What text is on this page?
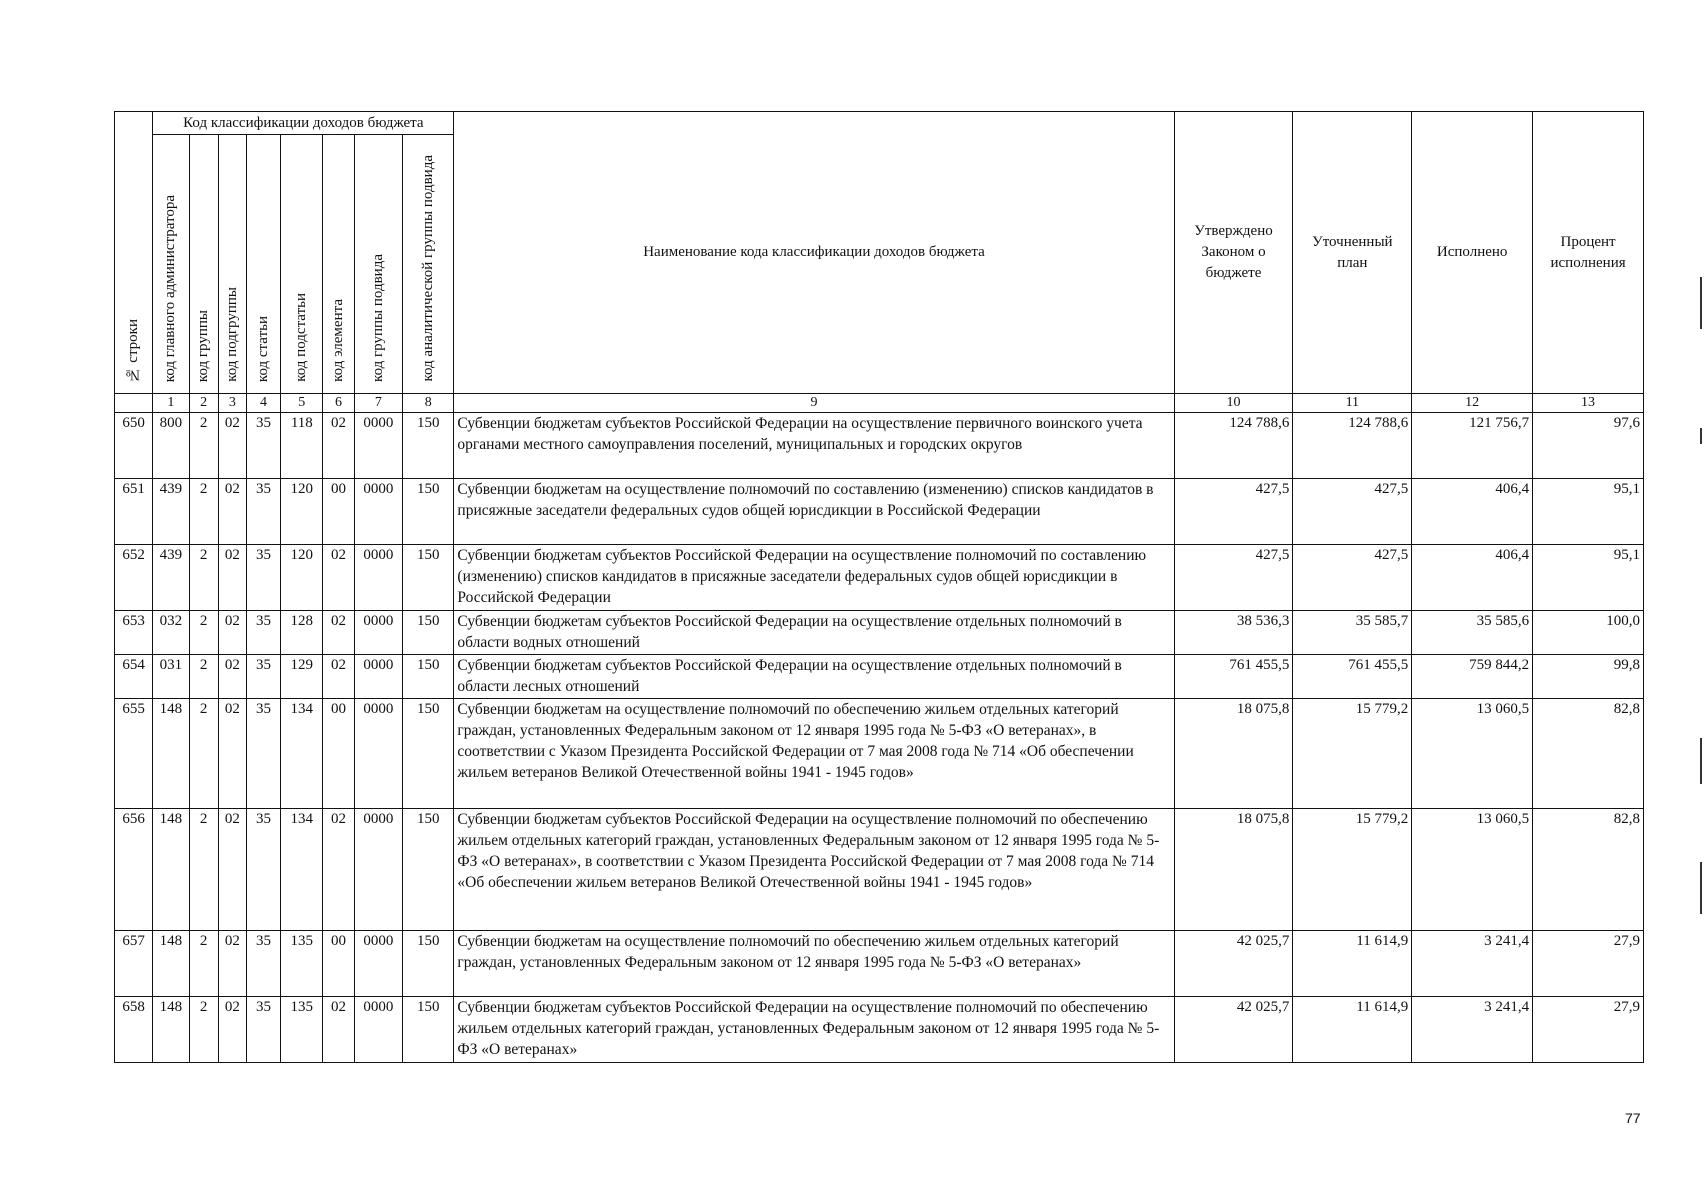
№ строки	Код классификации доходов бюджета								Наименование кода классификации доходов бюджета	Утверждено Законом о бюджете	Уточненный план	Исполнено	Процент исполнения
	код главного администратора	код группы	код подгруппы	код статьи	код подстатьи	код элемента	код группы подвида	код аналитической группы подвида					
	1	2	3	4	5	6	7	8	9	10	11	12	13
650	800	2	02	35	118	02	0000	150	Субвенции бюджетам субъектов Российской Федерации на осуществление первичного воинского учета органами местного самоуправления поселений, муниципальных и городских округов	124 788,6	124 788,6	121 756,7	97,6
651	439	2	02	35	120	00	0000	150	Субвенции бюджетам на осуществление полномочий по составлению (изменению) списков кандидатов в присяжные заседатели федеральных судов общей юрисдикции в Российской Федерации	427,5	427,5	406,4	95,1
652	439	2	02	35	120	02	0000	150	Субвенции бюджетам субъектов Российской Федерации на осуществление полномочий по составлению (изменению) списков кандидатов в присяжные заседатели федеральных судов общей юрисдикции в Российской Федерации	427,5	427,5	406,4	95,1
653	032	2	02	35	128	02	0000	150	Субвенции бюджетам субъектов Российской Федерации на осуществление отдельных полномочий в области водных отношений	38 536,3	35 585,7	35 585,6	100,0
654	031	2	02	35	129	02	0000	150	Субвенции бюджетам субъектов Российской Федерации на осуществление отдельных полномочий в области лесных отношений	761 455,5	761 455,5	759 844,2	99,8
655	148	2	02	35	134	00	0000	150	Субвенции бюджетам на осуществление полномочий по обеспечению жильем отдельных категорий граждан, установленных Федеральным законом от 12 января 1995 года № 5-ФЗ «О ветеранах», в соответствии с Указом Президента Российской Федерации от 7 мая 2008 года № 714 «Об обеспечении жильем ветеранов Великой Отечественной войны 1941 - 1945 годов»	18 075,8	15 779,2	13 060,5	82,8
656	148	2	02	35	134	02	0000	150	Субвенции бюджетам субъектов Российской Федерации на осуществление полномочий по обеспечению жильем отдельных категорий граждан, установленных Федеральным законом от 12 января 1995 года № 5-ФЗ «О ветеранах», в соответствии с Указом Президента Российской Федерации от 7 мая 2008 года № 714 «Об обеспечении жильем ветеранов Великой Отечественной войны 1941 - 1945 годов»	18 075,8	15 779,2	13 060,5	82,8
657	148	2	02	35	135	00	0000	150	Субвенции бюджетам на осуществление полномочий по обеспечению жильем отдельных категорий граждан, установленных Федеральным законом от 12 января 1995 года № 5-ФЗ «О ветеранах»	42 025,7	11 614,9	3 241,4	27,9
658	148	2	02	35	135	02	0000	150	Субвенции бюджетам субъектов Российской Федерации на осуществление полномочий по обеспечению жильем отдельных категорий граждан, установленных Федеральным законом от 12 января 1995 года № 5-ФЗ «О ветеранах»	42 025,7	11 614,9	3 241,4	27,9
77
